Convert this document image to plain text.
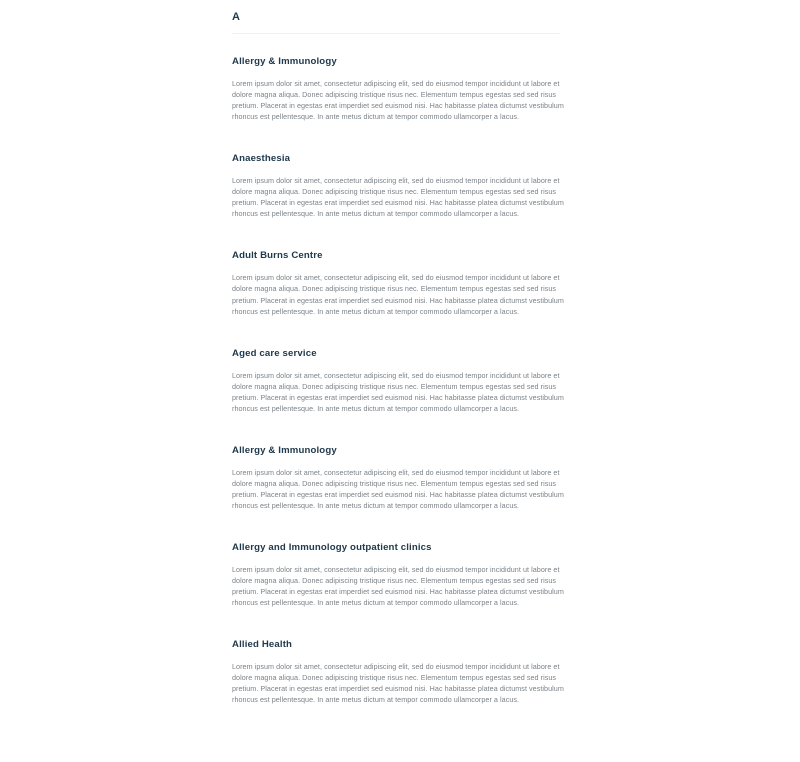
A
Allergy & Immunology

Lorem ipsum dolor sit amet, consectetur adipiscing elit, sed do eiusmod tempor incididunt ut labore et dolore magna aliqua. Donec adipiscing tristique risus nec. Elementum tempus egestas sed sed risus pretium. Placerat in egestas erat imperdiet sed euismod nisi. Hac habitasse platea dictumst vestibulum rhoncus est pellentesque. In ante metus dictum at tempor commodo ullamcorper a lacus.

Anaesthesia

Lorem ipsum dolor sit amet, consectetur adipiscing elit, sed do eiusmod tempor incididunt ut labore et dolore magna aliqua. Donec adipiscing tristique risus nec. Elementum tempus egestas sed sed risus pretium. Placerat in egestas erat imperdiet sed euismod nisi. Hac habitasse platea dictumst vestibulum rhoncus est pellentesque. In ante metus dictum at tempor commodo ullamcorper a lacus.

Adult Burns Centre

Lorem ipsum dolor sit amet, consectetur adipiscing elit, sed do eiusmod tempor incididunt ut labore et dolore magna aliqua. Donec adipiscing tristique risus nec. Elementum tempus egestas sed sed risus pretium. Placerat in egestas erat imperdiet sed euismod nisi. Hac habitasse platea dictumst vestibulum rhoncus est pellentesque. In ante metus dictum at tempor commodo ullamcorper a lacus.

Aged care service

Lorem ipsum dolor sit amet, consectetur adipiscing elit, sed do eiusmod tempor incididunt ut labore et dolore magna aliqua. Donec adipiscing tristique risus nec. Elementum tempus egestas sed sed risus pretium. Placerat in egestas erat imperdiet sed euismod nisi. Hac habitasse platea dictumst vestibulum rhoncus est pellentesque. In ante metus dictum at tempor commodo ullamcorper a lacus.

Allergy & Immunology

Lorem ipsum dolor sit amet, consectetur adipiscing elit, sed do eiusmod tempor incididunt ut labore et dolore magna aliqua. Donec adipiscing tristique risus nec. Elementum tempus egestas sed sed risus pretium. Placerat in egestas erat imperdiet sed euismod nisi. Hac habitasse platea dictumst vestibulum rhoncus est pellentesque. In ante metus dictum at tempor commodo ullamcorper a lacus.

Allergy and Immunology outpatient clinics

Lorem ipsum dolor sit amet, consectetur adipiscing elit, sed do eiusmod tempor incididunt ut labore et dolore magna aliqua. Donec adipiscing tristique risus nec. Elementum tempus egestas sed sed risus pretium. Placerat in egestas erat imperdiet sed euismod nisi. Hac habitasse platea dictumst vestibulum rhoncus est pellentesque. In ante metus dictum at tempor commodo ullamcorper a lacus.

Allied Health

Lorem ipsum dolor sit amet, consectetur adipiscing elit, sed do eiusmod tempor incididunt ut labore et dolore magna aliqua. Donec adipiscing tristique risus nec. Elementum tempus egestas sed sed risus pretium. Placerat in egestas erat imperdiet sed euismod nisi. Hac habitasse platea dictumst vestibulum rhoncus est pellentesque. In ante metus dictum at tempor commodo ullamcorper a lacus.
